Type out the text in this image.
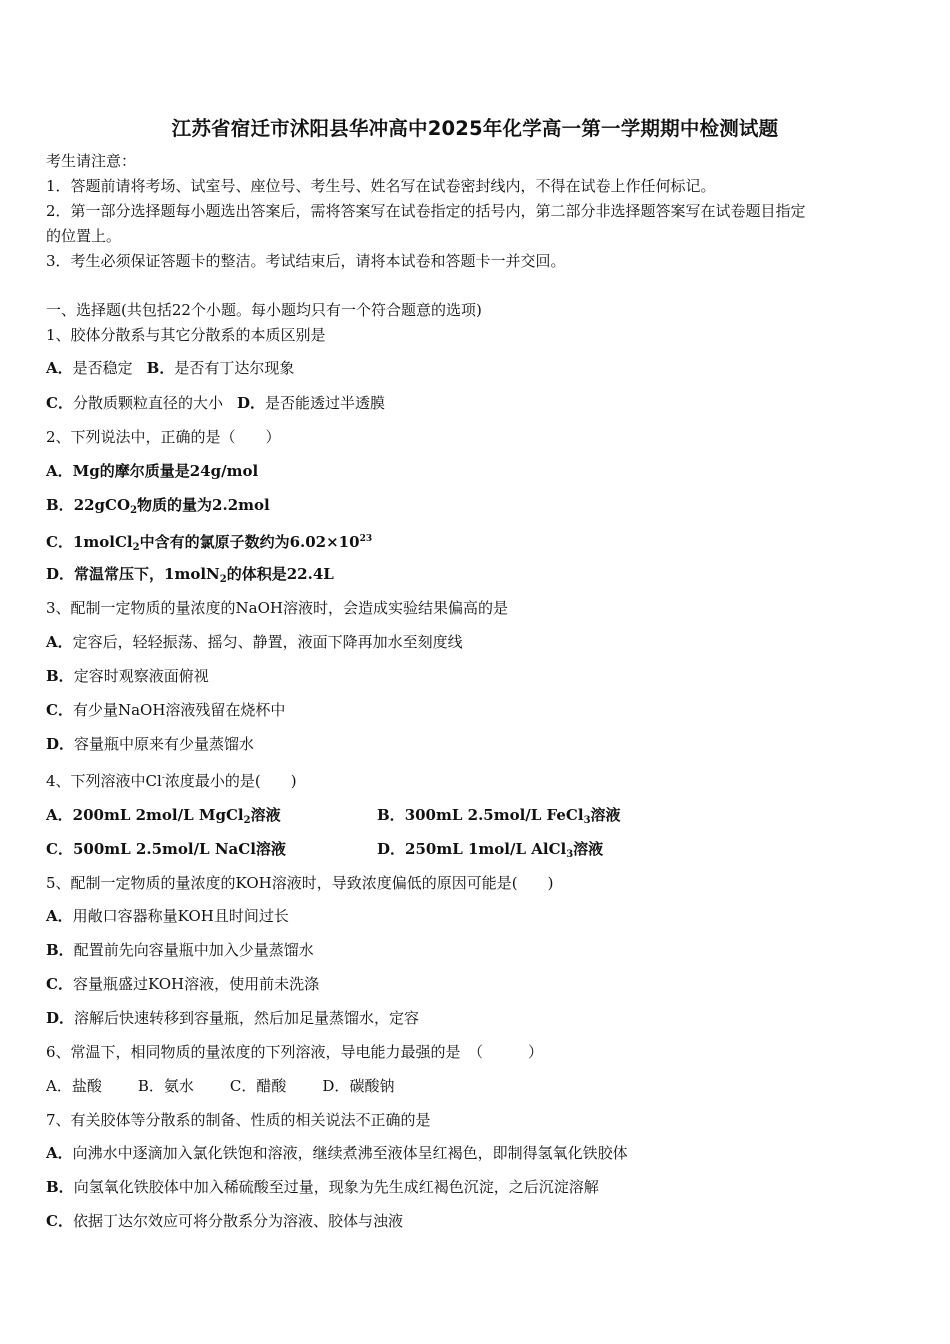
江苏省宿迁市沭阳县华冲高中2025年化学高一第一学期期中检测试题
考生请注意：
1．答题前请将考场、试室号、座位号、考生号、姓名写在试卷密封线内，不得在试卷上作任何标记。
2．第一部分选择题每小题选出答案后，需将答案写在试卷指定的括号内，第二部分非选择题答案写在试卷题目指定
的位置上。
3．考生必须保证答题卡的整洁。考试结束后，请将本试卷和答题卡一并交回。
一、选择题(共包括22个小题。每小题均只有一个符合题意的选项)
1、胶体分散系与其它分散系的本质区别是
A．是否稳定 B．是否有丁达尔现象
C．分散质颗粒直径的大小 D．是否能透过半透膜
2、下列说法中，正确的是（　　）
A．Mg的摩尔质量是24g/mol
B．22gCO$_2$物质的量为2.2mol
C．1molCl$_2$中含有的氯原子数约为$6.02\times 10^{23}$
D．常温常压下，1molN$_2$的体积是22.4L
3、配制一定物质的量浓度的NaOH溶液时，会造成实验结果偏高的是
A．定容后，轻轻振荡、摇匀、静置，液面下降再加水至刻度线
B．定容时观察液面俯视
C．有少量NaOH溶液残留在烧杯中
D．容量瓶中原来有少量蒸馏水
4、下列溶液中Cl-浓度最小的是(　　)
A．200mL 2mol/L MgCl$_2$溶液	B．300mL 2.5mol/L FeCl$_3$溶液
C．500mL 2.5mol/L NaCl溶液	D．250mL 1mol/L AlCl$_3$溶液
5、配制一定物质的量浓度的KOH溶液时，导致浓度偏低的原因可能是(　　)
A．用敞口容器称量KOH且时间过长
B．配置前先向容量瓶中加入少量蒸馏水
C．容量瓶盛过KOH溶液，使用前未洗涤
D．溶解后快速转移到容量瓶，然后加足量蒸馏水，定容
6、常温下，相同物质的量浓度的下列溶液，导电能力最强的是　（　　　）
A．盐酸 B．氨水 C．醋酸 D．碳酸钠
7、有关胶体等分散系的制备、性质的相关说法不正确的是
A．向沸水中逐滴加入氯化铁饱和溶液，继续煮沸至液体呈红褐色，即制得氢氧化铁胶体
B．向氢氧化铁胶体中加入稀硫酸至过量，现象为先生成红褐色沉淀，之后沉淀溶解
C．依据丁达尔效应可将分散系分为溶液、胶体与浊液
